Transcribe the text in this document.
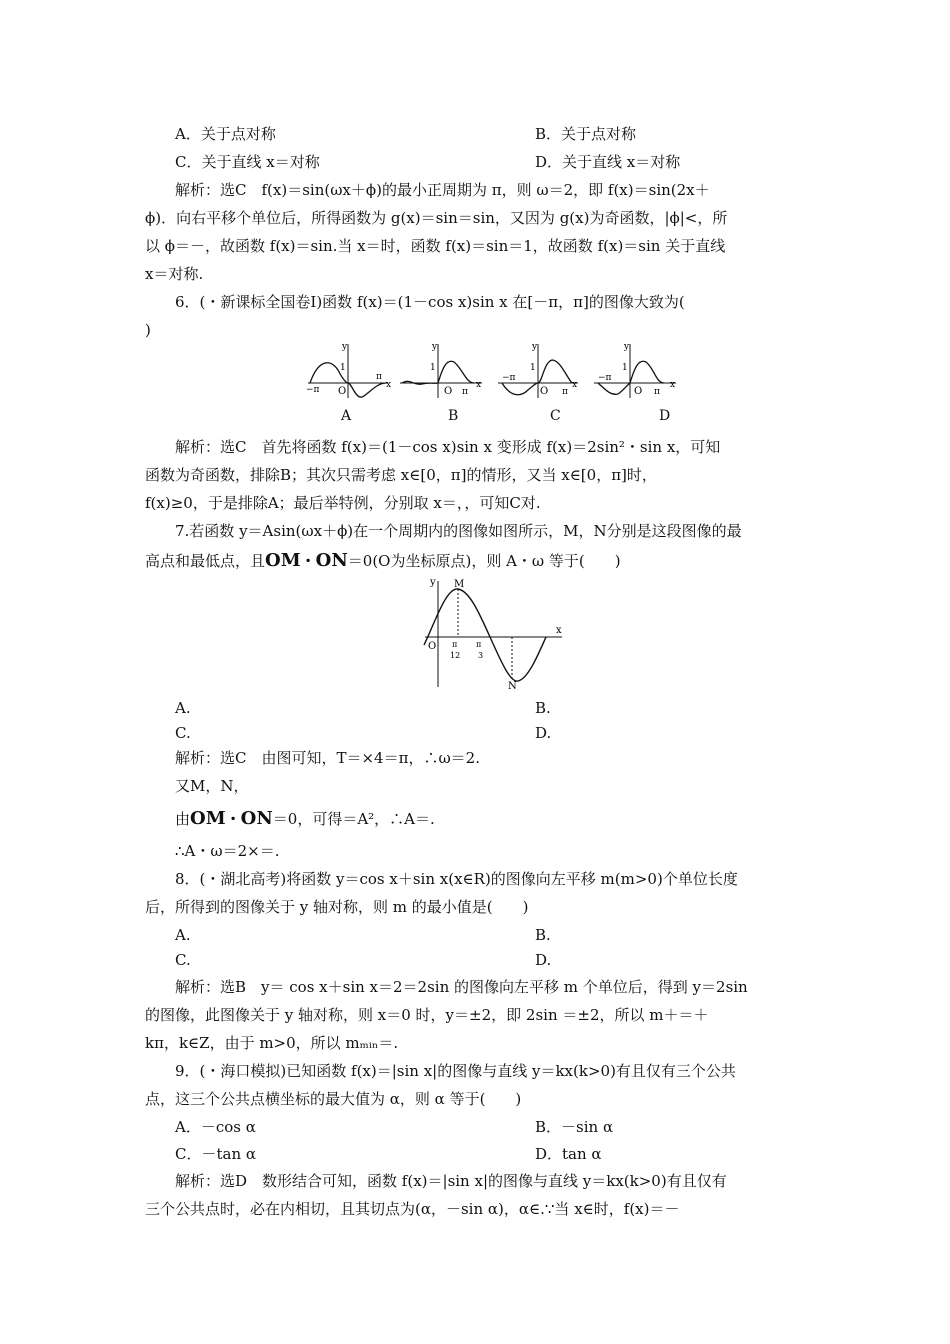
A．关于点对称	B．关于点对称
C．关于直线 x＝对称	D．关于直线 x＝对称
解析：选C　f(x)＝sin(ωx＋ϕ)的最小正周期为 π，则 ω＝2，即 f(x)＝sin(2x＋
ϕ)．向右平移个单位后，所得函数为 g(x)＝sin＝sin，又因为 g(x)为奇函数，|ϕ|<，所
以 ϕ＝－，故函数 f(x)＝sin.当 x＝时，函数 f(x)＝sin＝1，故函数 f(x)＝sin 关于直线
x＝对称.
6．(・新课标全国卷Ⅰ)函数 f(x)＝(1－cos x)sin x 在[－π，π]的图像大致为(
)
y
x
1
O
−π
π
y
x
1
O π
y
x
1
O
−π
π
y
x
1
O
−π
π
A	B	C	D
解析：选C　首先将函数 f(x)＝(1－cos x)sin x 变形成 f(x)＝2sin²・sin x，可知
函数为奇函数，排除B；其次只需考虑 x∈[0，π]的情形，又当 x∈[0，π]时，
f(x)≥0，于是排除A；最后举特例，分别取 x＝，，可知C对.
7.若函数 y＝Asin(ωx＋ϕ)在一个周期内的图像如图所示，M，N分别是这段图像的最
高点和最低点，且OM・ON＝0(O为坐标原点)，则 A・ω 等于(　　)
y
x
O
M
N
π
12
π
3
A.	B.
C.	D.
解析：选C　由图可知，T＝×4＝π，∴ω＝2.
又M，N，
由OM・ON＝0，可得＝A²，∴A＝.
∴A・ω＝2×＝.
8．(・湖北高考)将函数 y＝cos x＋sin x(x∈R)的图像向左平移 m(m>0)个单位长度
后，所得到的图像关于 y 轴对称，则 m 的最小值是(　　)
A.	B.
C.	D.
解析：选B　y＝ cos x＋sin x＝2＝2sin 的图像向左平移 m 个单位后，得到 y＝2sin
的图像，此图像关于 y 轴对称，则 x＝0 时，y＝±2，即 2sin ＝±2，所以 m＋＝＋
kπ，k∈Z，由于 m>0，所以 mₘᵢₙ＝.
9．(・海口模拟)已知函数 f(x)＝|sin x|的图像与直线 y＝kx(k>0)有且仅有三个公共
点，这三个公共点横坐标的最大值为 α，则 α 等于(　　)
A．－cos α	B．－sin α
C．－tan α	D．tan α
解析：选D　数形结合可知，函数 f(x)＝|sin x|的图像与直线 y＝kx(k>0)有且仅有
三个公共点时，必在内相切，且其切点为(α，－sin α)，α∈.∵当 x∈时，f(x)＝－
